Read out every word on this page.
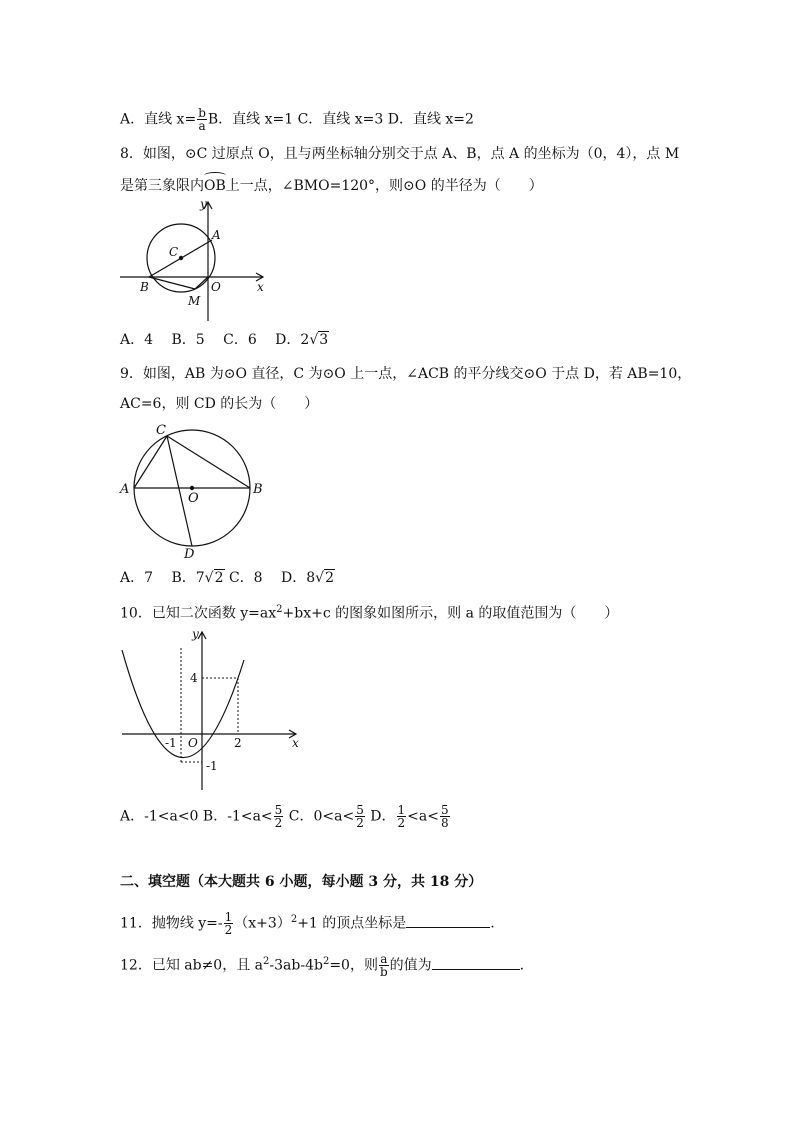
A．直线 $x= \frac{b}{a}$ B．直线 x=1 C．直线 x=3 D．直线 x=2
8．如图，⊙C 过原点 O，且与两坐标轴分别交于点 A、B，点 A 的坐标为（0，4），点 M
是第三象限内
OB上一点，∠BMO=120°，则⊙O 的半径为（　　）
y
x
A
B
C
O
M
A．4　 B．5　 C．6　 D．2√3
9．如图，AB 为⊙O 直径，C 为⊙O 上一点，∠ACB 的平分线交⊙O 于点 D，若 AB=10，
AC=6，则 CD 的长为（　　）
C
A
O
B
D
A．7　 B．7√2 C．8　 D．8√2
10．已知二次函数 $y=ax^2+bx+c$ 的图象如图所示，则 a 的取值范围为（　　）
y
x
4
-1 O	2
-1
A．-1<a<0 B．$-1<a< \frac{5}{2}$ C．$0<a< \frac{5}{2}$ D． $\frac{1}{2} <a< \frac{5}{8}$
二、填空题（本大题共 6 小题，每小题 3 分，共 18 分）
11．抛物线 $y=- \frac{1}{2} (x+3)^2+1$ 的顶点坐标是	.
12．已知 ab≠0，且 $a^2-3ab-4b^2=0$，则 $\frac{a}{b}$ 的值为	.
